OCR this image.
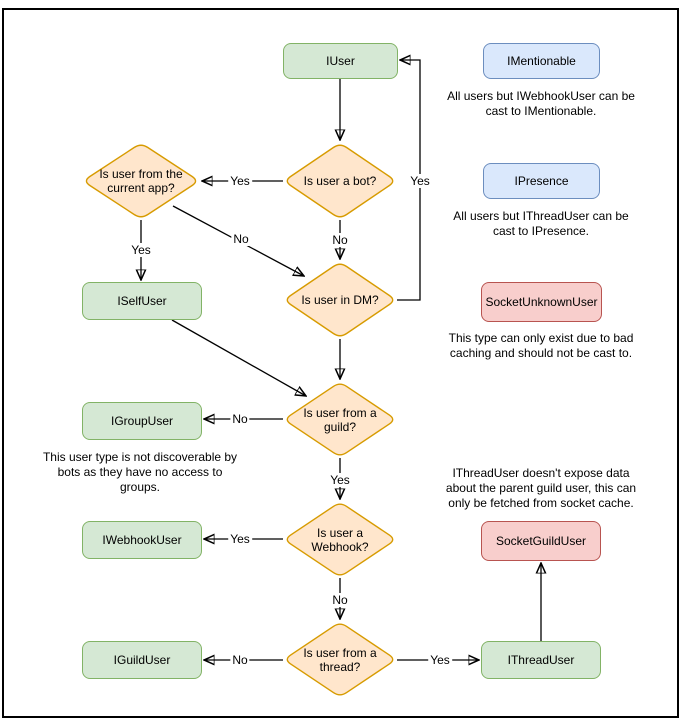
IUser	IMentionable
IPresence
SocketUnknownUser
ISelfUser
IGroupUser
IWebhookUser
IGuildUser
SocketGuildUser
IThreadUser
Is user from the current app?	Is user a bot?
Is user in DM?
Is user from a guild?
Is user a Webhook?
Is user from a thread?
Yes
No
Yes
No
Yes
No
Yes
Yes
No
No	Yes
All users but IWebhookUser can be
cast to IMentionable.
All users but IThreadUser can be
cast to IPresence.
This type can only exist due to bad
caching and should not be cast to.
This user type is not discoverable by
bots as they have no access to
groups.
IThreadUser doesn't expose data
about the parent guild user, this can
only be fetched from socket cache.
